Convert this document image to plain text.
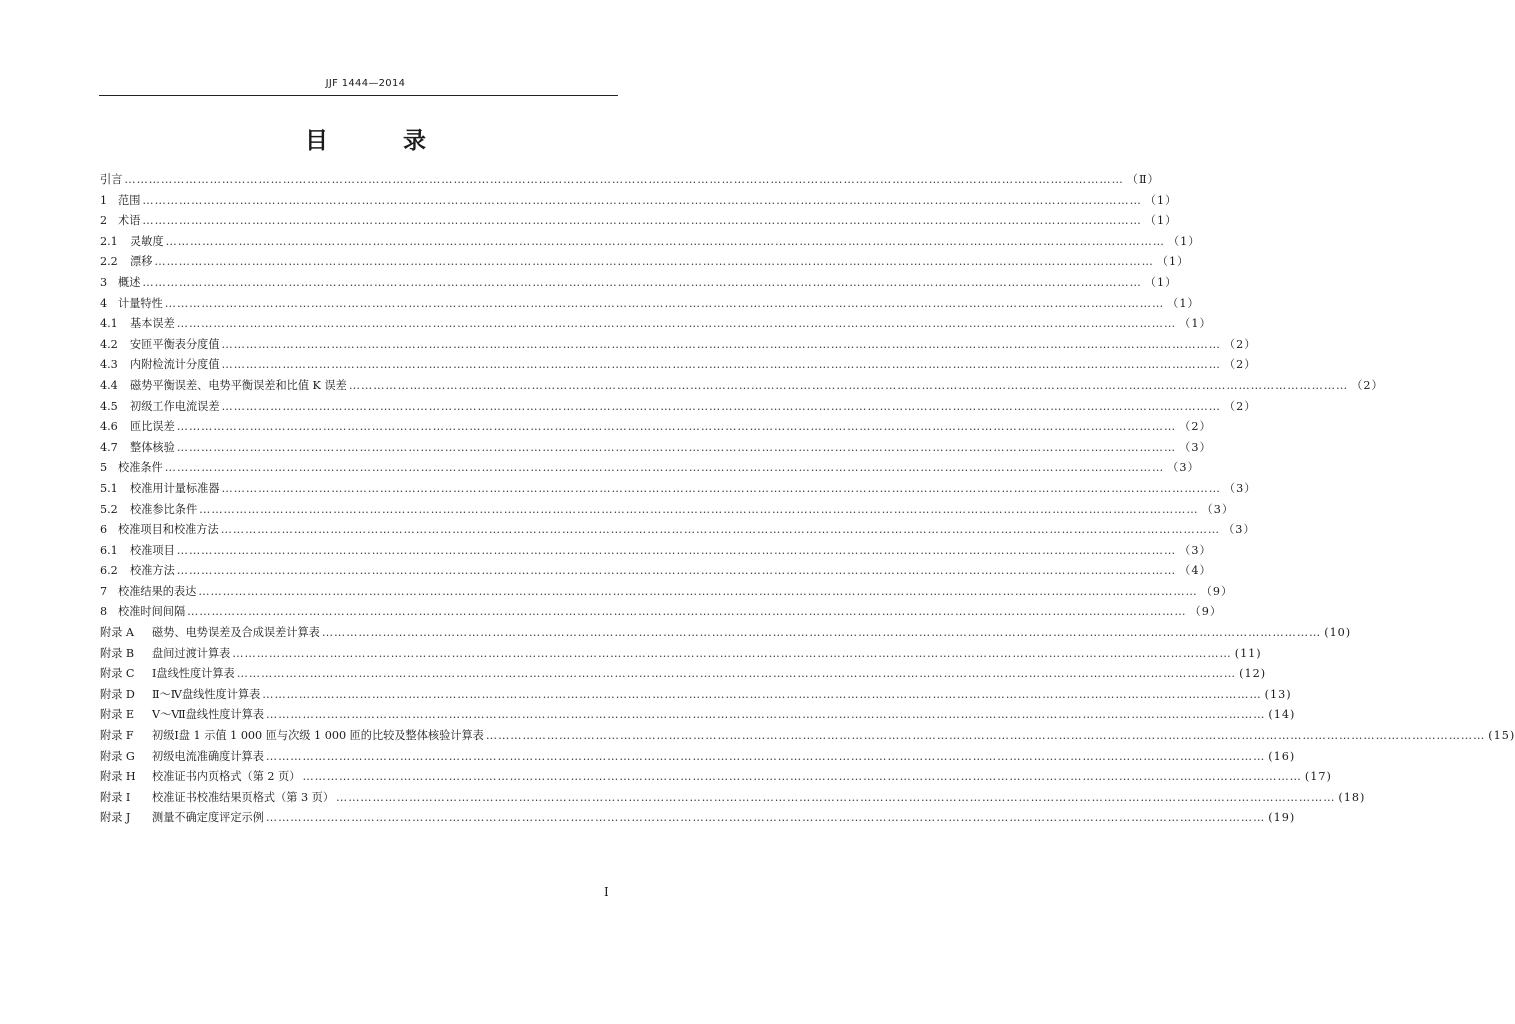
JJF 1444—2014
目　录
引言 ………………………………………………………………………………………………………………………………………………………………………………………………………………………… （Ⅱ）
1 范围 ………………………………………………………………………………………………………………………………………………………………………………………………………………………… （1）
2 术语 ………………………………………………………………………………………………………………………………………………………………………………………………………………………… （1）
2.1	灵敏度 ………………………………………………………………………………………………………………………………………………………………………………………………………………………… （1）
2.2	漂移 ………………………………………………………………………………………………………………………………………………………………………………………………………………………… （1）
3 概述 ………………………………………………………………………………………………………………………………………………………………………………………………………………………… （1）
4 计量特性 ………………………………………………………………………………………………………………………………………………………………………………………………………………………… （1）
4.1	基本误差 ………………………………………………………………………………………………………………………………………………………………………………………………………………………… （1）
4.2	安匝平衡表分度值 ………………………………………………………………………………………………………………………………………………………………………………………………………………………… （2）
4.3	内附检流计分度值 ………………………………………………………………………………………………………………………………………………………………………………………………………………………… （2）
4.4	磁势平衡误差、电势平衡误差和比值 K 误差 ………………………………………………………………………………………………………………………………………………………………………………………………………………………… （2）
4.5	初级工作电流误差 ………………………………………………………………………………………………………………………………………………………………………………………………………………………… （2）
4.6	匝比误差 ………………………………………………………………………………………………………………………………………………………………………………………………………………………… （2）
4.7	整体核验 ………………………………………………………………………………………………………………………………………………………………………………………………………………………… （3）
5 校准条件 ………………………………………………………………………………………………………………………………………………………………………………………………………………………… （3）
5.1	校准用计量标准器 ………………………………………………………………………………………………………………………………………………………………………………………………………………………… （3）
5.2	校准参比条件 ………………………………………………………………………………………………………………………………………………………………………………………………………………………… （3）
6 校准项目和校准方法 ………………………………………………………………………………………………………………………………………………………………………………………………………………………… （3）
6.1	校准项目 ………………………………………………………………………………………………………………………………………………………………………………………………………………………… （3）
6.2	校准方法 ………………………………………………………………………………………………………………………………………………………………………………………………………………………… （4）
7 校准结果的表达 ………………………………………………………………………………………………………………………………………………………………………………………………………………………… （9）
8 校准时间间隔 ………………………………………………………………………………………………………………………………………………………………………………………………………………………… （9）
附录 A	磁势、电势误差及合成误差计算表 ………………………………………………………………………………………………………………………………………………………………………………………………………………………… (10)
附录 B	盘间过渡计算表 ………………………………………………………………………………………………………………………………………………………………………………………………………………………… (11)
附录 C	Ⅰ盘线性度计算表 ………………………………………………………………………………………………………………………………………………………………………………………………………………………… (12)
附录 D	Ⅱ～Ⅳ盘线性度计算表 ………………………………………………………………………………………………………………………………………………………………………………………………………………………… (13)
附录 E	Ⅴ～Ⅶ盘线性度计算表 ………………………………………………………………………………………………………………………………………………………………………………………………………………………… (14)
附录 F	初级Ⅰ盘 1 示值 1 000 匝与次级 1 000 匝的比较及整体核验计算表 ………………………………………………………………………………………………………………………………………………………………………………………………………………………… (15)
附录 G	初级电流准确度计算表 ………………………………………………………………………………………………………………………………………………………………………………………………………………………… (16)
附录 H	校准证书内页格式（第 2 页） ………………………………………………………………………………………………………………………………………………………………………………………………………………………… (17)
附录 I	校准证书校准结果页格式（第 3 页） ………………………………………………………………………………………………………………………………………………………………………………………………………………………… (18)
附录 J	测量不确定度评定示例 ………………………………………………………………………………………………………………………………………………………………………………………………………………………… (19)
I
